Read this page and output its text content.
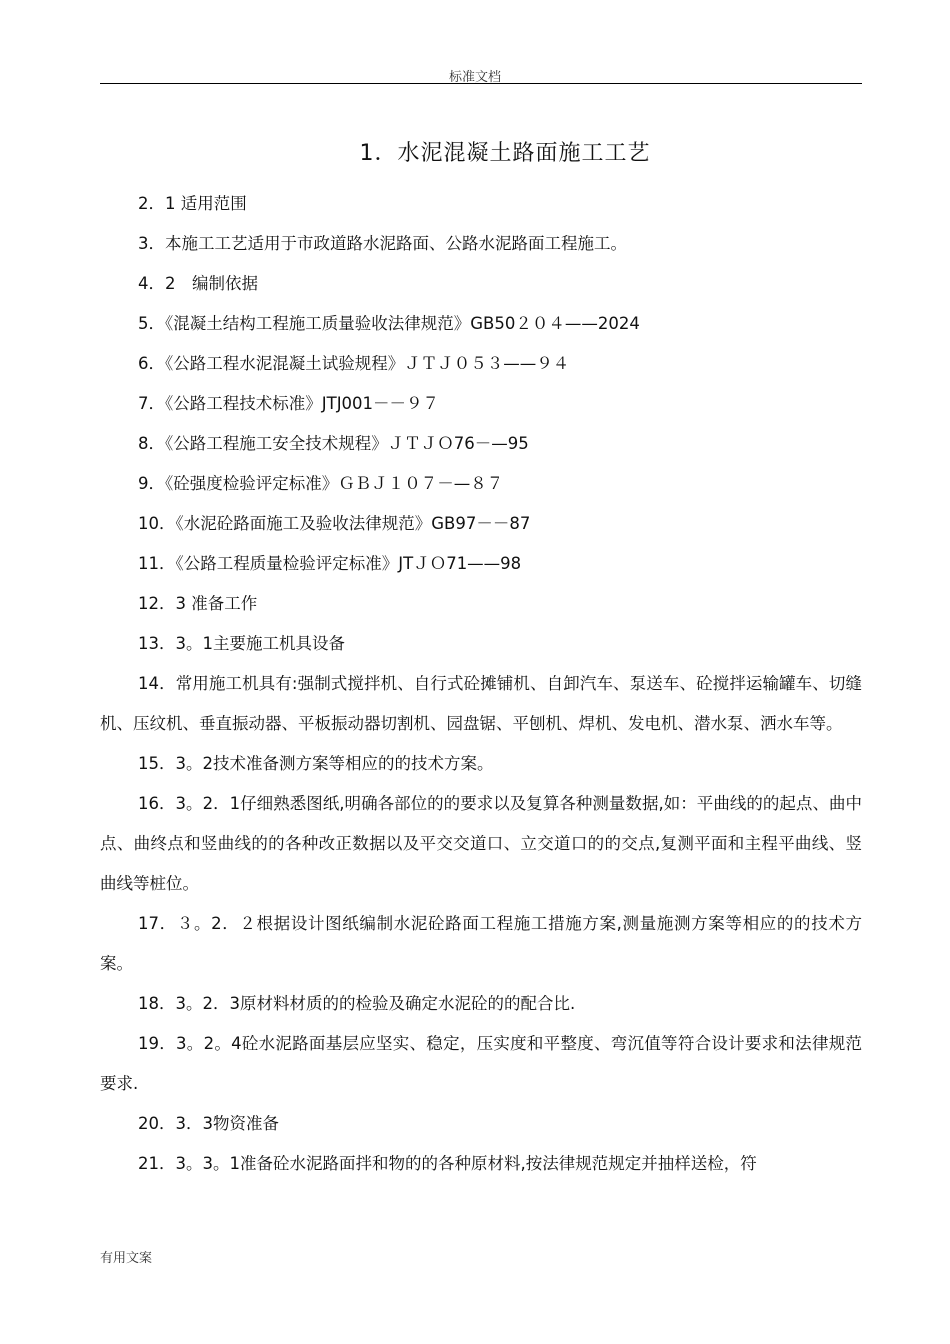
标准文档
1．水泥混凝土路面施工工艺

2．1 适用范围

3．本施工工艺适用于市政道路水泥路面、公路水泥路面工程施工。

4．2　编制依据

5．《混凝土结构工程施工质量验收法律规范》GB50２０４——2024

6．《公路工程水泥混凝土试验规程》ＪＴＪ０５３——９４

7．《公路工程技术标准》JTJ001－－９７

8．《公路工程施工安全技术规程》ＪＴＪＯ76－—95

9．《砼强度检验评定标准》ＧＢＪ１０７－—８７

10．《水泥砼路面施工及验收法律规范》GB97－－87

11．《公路工程质量检验评定标准》JTＪＯ71——98

12．3 准备工作

13．3。1主要施工机具设备

14．常用施工机具有:强制式搅拌机、自行式砼摊铺机、自卸汽车、泵送车、砼搅拌运输罐车、切缝机、压纹机、垂直振动器、平板振动器切割机、园盘锯、平刨机、焊机、发电机、潜水泵、洒水车等。

15．3。2技术准备测方案等相应的的技术方案。

16．3。2．1仔细熟悉图纸,明确各部位的的要求以及复算各种测量数据,如：平曲线的的起点、曲中点、曲终点和竖曲线的的各种改正数据以及平交交道口、立交道口的的交点,复测平面和主程平曲线、竖曲线等桩位。

17．３。2．２根据设计图纸编制水泥砼路面工程施工措施方案,测量施测方案等相应的的技术方案。

18．3。2．3原材料材质的的检验及确定水泥砼的的配合比.

19．3。2。4砼水泥路面基层应坚实、稳定，压实度和平整度、弯沉值等符合设计要求和法律规范要求.

20．3．3物资准备

21．3。3。1准备砼水泥路面拌和物的的各种原材料,按法律规范规定并抽样送检，符

有用文案
